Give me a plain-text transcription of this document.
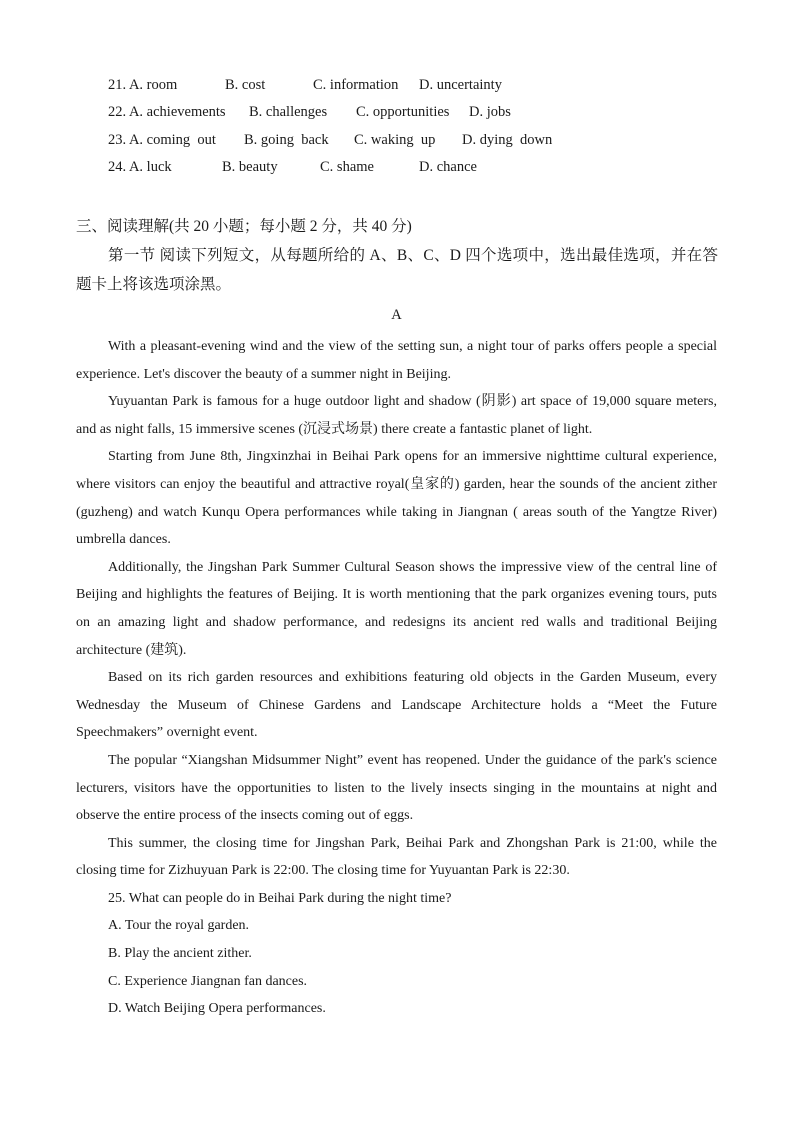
21. A. room

	B. cost

	C. information

D. uncertainty

22. A. achievements

B. challenges

C. opportunities

D. jobs

23. A. coming  out

B. going  back

C. waking  up

D. dying  down

24. A. luck

	B. beauty

	C. shame

	D. chance

三、阅读理解(共 20 小题；每小题 2 分，共 40 分)
第一节 阅读下列短文，从每题所给的 A、B、C、D 四个选项中，选出最佳选项，并在答题卡上将该选项涂黑。
A

With a pleasant-evening wind and the view of the setting sun, a night tour of parks offers people a special experience. Let's discover the beauty of a summer night in Beijing.

Yuyuantan Park is famous for a huge outdoor light and shadow (阴影) art space of 19,000 square meters, and as night falls, 15 immersive scenes (沉浸式场景) there create a fantastic planet of light.

Starting from June 8th, Jingxinzhai in Beihai Park opens for an immersive nighttime cultural experience, where visitors can enjoy the beautiful and attractive royal(皇家的) garden, hear the sounds of the ancient zither (guzheng) and watch Kunqu Opera performances while taking in Jiangnan ( areas south of the Yangtze River) umbrella dances.

Additionally, the Jingshan Park Summer Cultural Season shows the impressive view of the central line of Beijing and highlights the features of Beijing. It is worth mentioning that the park organizes evening tours, puts on an amazing light and shadow performance, and redesigns its ancient red walls and traditional Beijing architecture (建筑).

Based on its rich garden resources and exhibitions featuring old objects in the Garden Museum, every Wednesday the Museum of Chinese Gardens and Landscape Architecture holds a “Meet the Future Speechmakers” overnight event.

The popular “Xiangshan Midsummer Night” event has reopened. Under the guidance of the park's science lecturers, visitors have the opportunities to listen to the lively insects singing in the mountains at night and observe the entire process of the insects coming out of eggs.

This summer, the closing time for Jingshan Park, Beihai Park and Zhongshan Park is 21:00, while the closing time for Zizhuyuan Park is 22:00. The closing time for Yuyuantan Park is 22:30.

25. What can people do in Beihai Park during the night time?

A. Tour the royal garden.

B. Play the ancient zither.

C. Experience Jiangnan fan dances.

D. Watch Beijing Opera performances.
